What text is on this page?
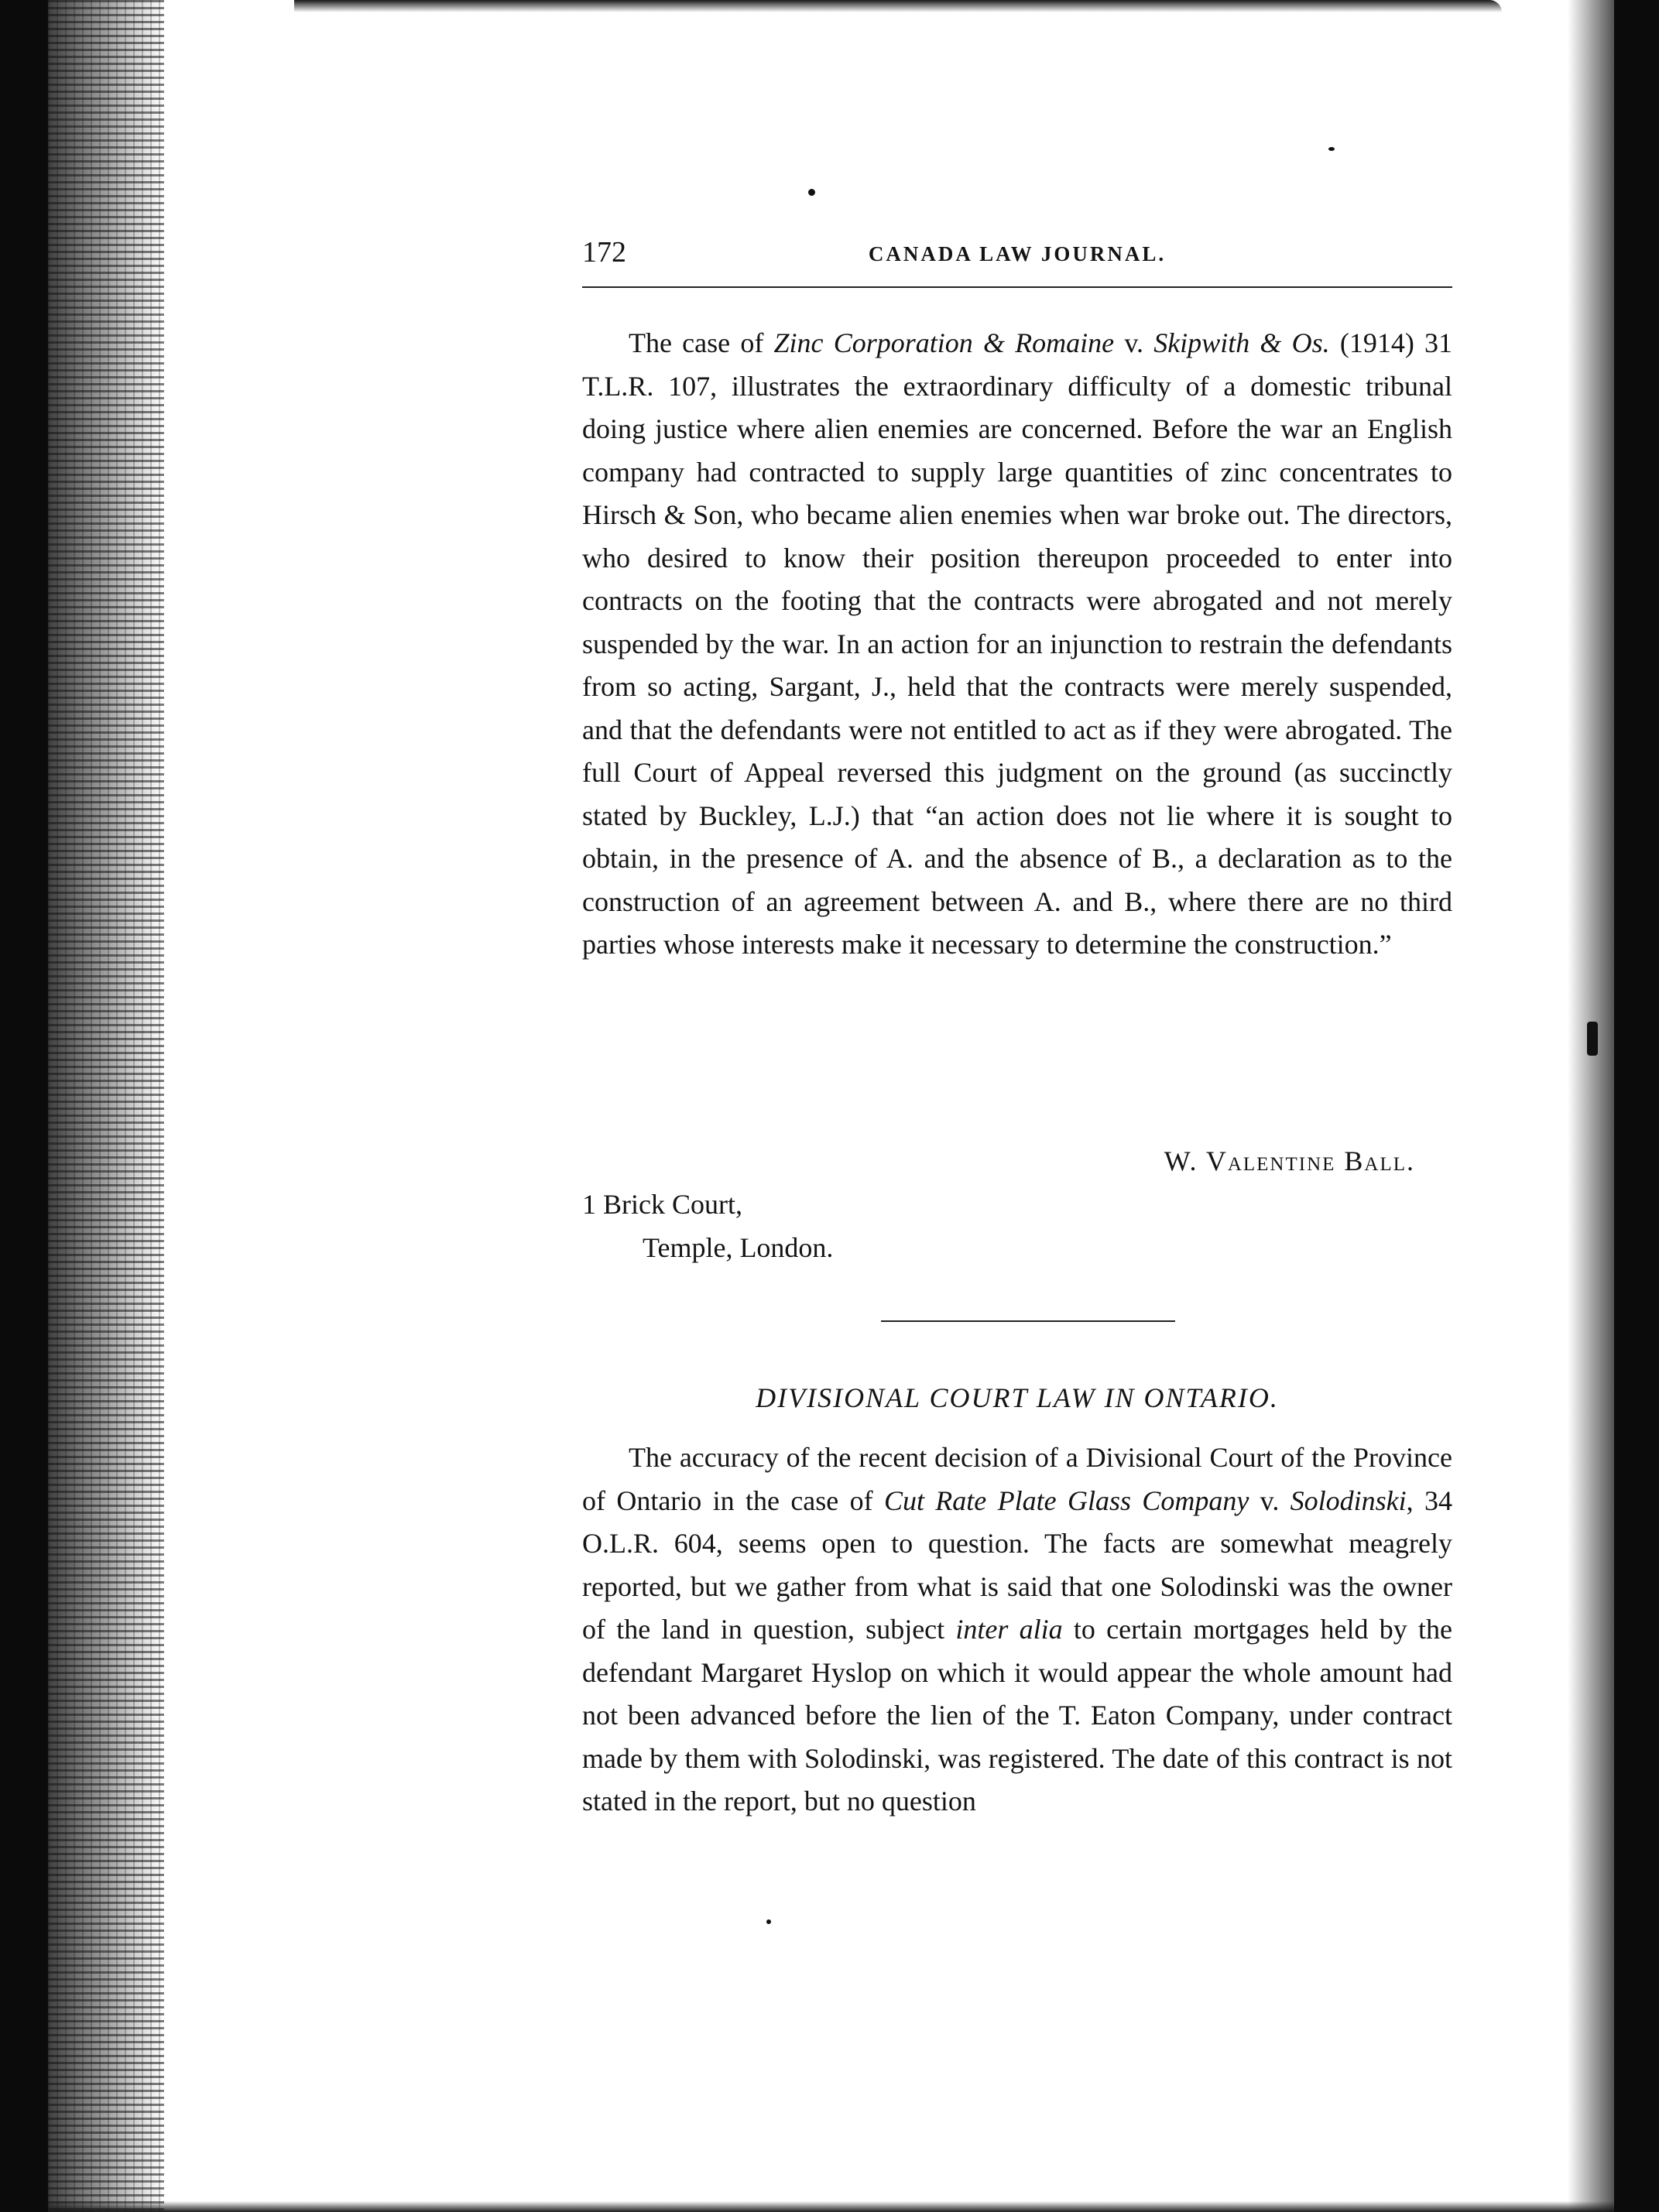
172	CANADA LAW JOURNAL.

The case of Zinc Corporation & Romaine v. Skipwith & Os. (1914) 31 T.L.R. 107, illustrates the extraordinary difficulty of a domestic tribunal doing justice where alien enemies are concerned. Before the war an English company had contracted to supply large quantities of zinc concentrates to Hirsch & Son, who became alien enemies when war broke out. The directors, who desired to know their position thereupon proceeded to enter into contracts on the footing that the contracts were abrogated and not merely suspended by the war. In an action for an injunction to restrain the defendants from so acting, Sargant, J., held that the contracts were merely suspended, and that the defendants were not entitled to act as if they were abrogated. The full Court of Appeal reversed this judgment on the ground (as succinctly stated by Buckley, L.J.) that “an action does not lie where it is sought to obtain, in the presence of A. and the absence of B., a declaration as to the construction of an agreement between A. and B., where there are no third parties whose interests make it necessary to determine the construction.”

W. Valentine Ball.
1 Brick Court,
Temple, London.
DIVISIONAL COURT LAW IN ONTARIO.

The accuracy of the recent decision of a Divisional Court of the Province of Ontario in the case of Cut Rate Plate Glass Company v. Solodinski, 34 O.L.R. 604, seems open to question. The facts are somewhat meagrely reported, but we gather from what is said that one Solodinski was the owner of the land in question, subject inter alia to certain mortgages held by the defendant Margaret Hyslop on which it would appear the whole amount had not been advanced before the lien of the T. Eaton Company, under contract made by them with Solodinski, was registered. The date of this contract is not stated in the report, but no question
